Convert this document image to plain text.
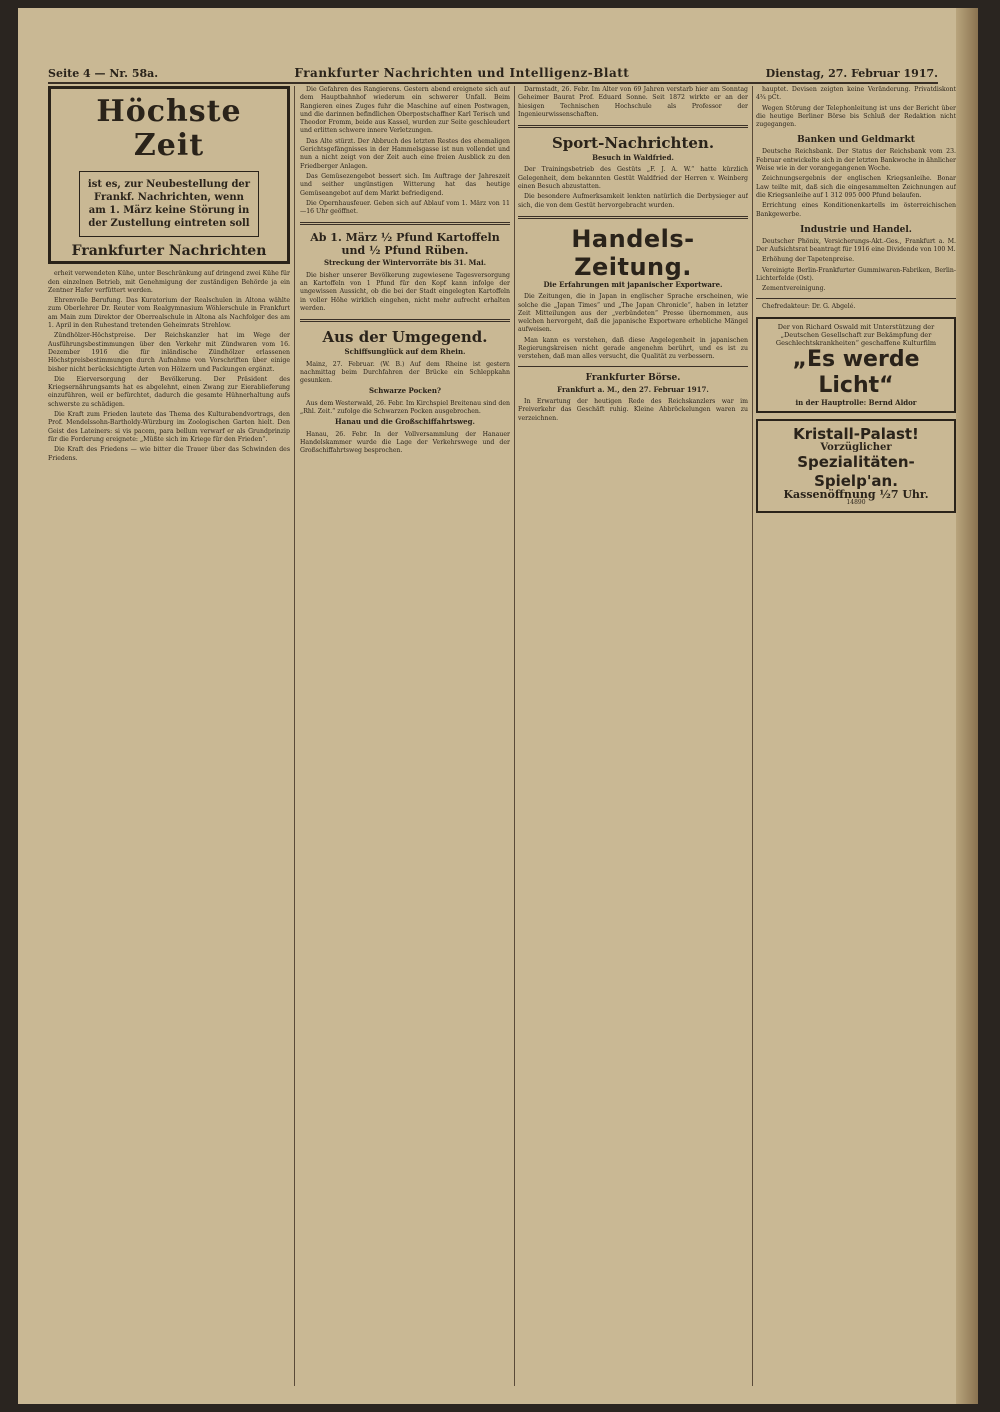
Seite 4 — Nr. 58a.	Frankfurter Nachrichten und Intelligenz-Blatt	Dienstag, 27. Februar 1917.
Höchste Zeit
ist es, zur Neubestellung der Frankf. Nachrichten, wenn am 1. März keine Störung in der Zustellung eintreten soll
Frankfurter Nachrichten

erheit verwendeten Kühe, unter Beschränkung auf dringend zwei Kühe für den einzelnen Betrieb, mit Genehmigung der zuständigen Behörde ja ein Zentner Hafer verfüttert werden.

Ehrenvolle Berufung. Das Kuratorium der Realschulen in Altona wählte zum Oberlehrer Dr. Reuter vom Realgymnasium Wöhlerschule in Frankfurt am Main zum Direktor der Oberrealschule in Altona als Nachfolger des am 1. April in den Ruhestand tretenden Geheimrats Strehlow.

Zündhölzer-Höchstpreise. Der Reichskanzler hat im Wege der Ausführungsbestimmungen über den Verkehr mit Zündwaren vom 16. Dezember 1916 die für inländische Zündhölzer erlassenen Höchstpreisbestimmungen durch Aufnahme von Vorschriften über einige bisher nicht berücksichtigte Arten von Hölzern und Packungen ergänzt.

Die Eierversorgung der Bevölkerung. Der Präsident des Kriegsernährungsamts hat es abgelehnt, einen Zwang zur Eierablieferung einzuführen, weil er befürchtet, dadurch die gesamte Hühnerhaltung aufs schwerste zu schädigen.

Die Kraft zum Frieden lautete das Thema des Kulturabendvortrags, den Prof. Mendelssohn-Bartholdy-Würzburg im Zoologischen Garten hielt. Den Geist des Lateiners: si vis pacem, para bellum verwarf er als Grundprinzip für die Forderung ereignete: „Müßte sich im Kriege für den Frieden“.

Die Kraft des Friedens — wie bitter die Trauer über das Schwinden des Friedens.

Die Gefahren des Rangierens. Gestern abend ereignete sich auf dem Hauptbahnhof wiederum ein schwerer Unfall. Beim Rangieren eines Zuges fuhr die Maschine auf einen Postwagen, und die darinnen befindlichen Oberpostschaffner Karl Terisch und Theodor Fromm, beide aus Kassel, wurden zur Seite geschleudert und erlitten schwere innere Verletzungen.

Das Alte stürzt. Der Abbruch des letzten Restes des ehemaligen Gerichtsgefängnisses in der Hammelsgasse ist nun vollendet und nun a nicht zeigt von der Zeit auch eine freien Ausblick zu den Friedberger Anlagen.

Das Gemüsezengebot bessert sich. Im Auftrage der Jahreszeit und seither ungünstigen Witterung hat das heutige Gemüseangebot auf dem Markt befriedigend.

Die Opernhausfeuer. Geben sich auf Ablauf vom 1. März von 11—16 Uhr geöffnet.

Ab 1. März ½ Pfund Kartoffeln und ½ Pfund Rüben.
Streckung der Wintervorräte bis 31. Mai.

Die bisher unserer Bevölkerung zugewiesene Tagesversorgung an Kartoffeln von 1 Pfund für den Kopf kann infolge der ungewissen Aussicht, ob die bei der Stadt eingelegten Kartoffeln in voller Höhe wirklich eingehen, nicht mehr aufrecht erhalten werden.

Aus der Umgegend.
Schiffsunglück auf dem Rhein.

Mainz, 27. Februar. (W. B.) Auf dem Rheine ist gestern nachmittag beim Durchfahren der Brücke ein Schleppkahn gesunken.

Schwarze Pocken?

Aus dem Westerwald, 26. Febr. Im Kirchspiel Breitenau sind den „Rhl. Zeit.“ zufolge die Schwarzen Pocken ausgebrochen.

Hanau und die Großschiffahrtsweg.

Hanau, 26. Febr. In der Vollversammlung der Hanauer Handelskammer wurde die Lage der Verkehrswege und der Großschiffahrtsweg besprochen.

Darmstadt, 26. Febr. Im Alter von 69 Jahren verstarb hier am Sonntag Geheimer Baurat Prof. Eduard Sonne. Seit 1872 wirkte er an der hiesigen Technischen Hochschule als Professor der Ingenieurwissenschaften.

Sport-Nachrichten.
Besuch in Waldfried.

Der Trainingsbetrieb des Gestüts „F. J. A. W.“ hatte kürzlich Gelegenheit, dem bekannten Gestüt Waldfried der Herren v. Weinberg einen Besuch abzustatten.

Die besondere Aufmerksamkeit lenkten natürlich die Derbysieger auf sich, die von dem Gestüt hervorgebracht wurden.

Handels-Zeitung.
Die Erfahrungen mit japanischer Exportware.

Die Zeitungen, die in Japan in englischer Sprache erscheinen, wie solche die „Japan Times“ und „The Japan Chronicle“, haben in letzter Zeit Mitteilungen aus der „verbündeten“ Presse übernommen, aus welchen hervorgeht, daß die japanische Exportware erhebliche Mängel aufweisen.

Man kann es verstehen, daß diese Angelegenheit in japanischen Regierungskreisen nicht gerade angenehm berührt, und es ist zu verstehen, daß man alles versucht, die Qualität zu verbessern.

Frankfurter Börse.
Frankfurt a. M., den 27. Februar 1917.

In Erwartung der heutigen Rede des Reichskanzlers war im Freiverkehr das Geschäft ruhig. Kleine Abbröckelungen waren zu verzeichnen.

hauptet. Devisen zeigten keine Veränderung. Privatdiskont 4¾ pCt.

Wegen Störung der Telephonleitung ist uns der Bericht über die heutige Berliner Börse bis Schluß der Redaktion nicht zugegangen.

Banken und Geldmarkt

Deutsche Reichsbank. Der Status der Reichsbank vom 23. Februar entwickelte sich in der letzten Bankwoche in ähnlicher Weise wie in der vorangegangenen Woche.

Zeichnungsergebnis der englischen Kriegsanleihe. Bonar Law teilte mit, daß sich die eingesammelten Zeichnungen auf die Kriegsanleihe auf 1 312 095 000 Pfund belaufen.

Errichtung eines Konditionenkartells im österreichischen Bankgewerbe.

Industrie und Handel.

Deutscher Phönix, Versicherungs-Akt.-Ges., Frankfurt a. M. Der Aufsichtsrat beantragt für 1916 eine Dividende von 100 M.

Erhöhung der Tapetenpreise.

Vereinigte Berlin-Frankfurter Gummiwaren-Fabriken, Berlin-Lichterfelde (Ost).

Zementvereinigung.

Chefredakteur: Dr. G. Abgelé.

Der von Richard Oswald mit Unterstützung der „Deutschen Gesellschaft zur Bekämpfung der Geschlechtskrankheiten“ geschaffene Kulturfilm
„Es werde Licht“
in der Hauptrolle: Bernd Aldor
Kristall-Palast!
Vorzüglicher
Spezialitäten-Spielp'an.
Kassenöffnung ½7 Uhr.
14890
